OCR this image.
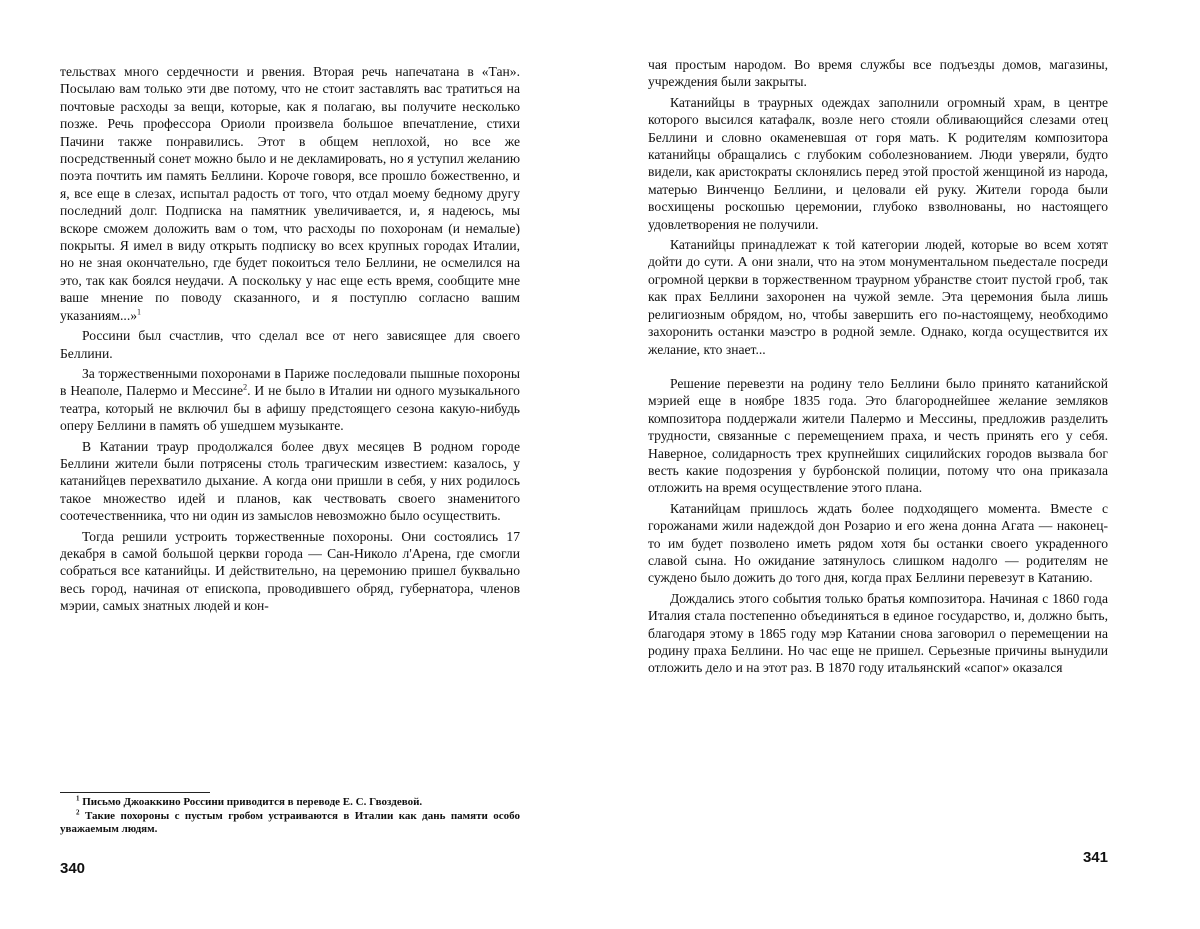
тельствах много сердечности и рвения. Вторая речь напечатана в «Тан». Посылаю вам только эти две потому, что не стоит заставлять вас тратиться на почтовые расходы за вещи, которые, как я полагаю, вы получите несколько позже. Речь профессора Ориоли произвела большое впечатление, стихи Пачини также понравились. Этот в общем неплохой, но все же посредственный сонет можно было и не декламировать, но я уступил желанию поэта почтить им память Беллини. Короче говоря, все прошло божественно, и я, все еще в слезах, испытал радость от того, что отдал моему бедному другу последний долг. Подписка на памятник увеличивается, и, я надеюсь, мы вскоре сможем доложить вам о том, что расходы по похоронам (и немалые) покрыты. Я имел в виду открыть подписку во всех крупных городах Италии, но не зная окончательно, где будет покоиться тело Беллини, не осмелился на это, так как боялся неудачи. А поскольку у нас еще есть время, сообщите мне ваше мнение по поводу сказанного, и я поступлю согласно вашим указаниям...»$^1$

Россини был счастлив, что сделал все от него зависящее для своего Беллини.

За торжественными похоронами в Париже последовали пышные похороны в Неаполе, Палермо и Мессине$^2$. И не было в Италии ни одного музыкального театра, который не включил бы в афишу предстоящего сезона какую-нибудь оперу Беллини в память об ушедшем музыканте.

В Катании траур продолжался более двух месяцев В родном городе Беллини жители были потрясены столь трагическим известием: казалось, у катанийцев перехватило дыхание. А когда они пришли в себя, у них родилось такое множество идей и планов, как чествовать своего знаменитого соотечественника, что ни один из замыслов невозможно было осуществить.

Тогда решили устроить торжественные похороны. Они состоялись 17 декабря в самой большой церкви города — Сан-Николо л'Арена, где смогли собраться все катанийцы. И действительно, на церемонию пришел буквально весь город, начиная от епископа, проводившего обряд, губернатора, членов мэрии, самых знатных людей и кон-

$^1$ Письмо Джоаккино Россини приводится в переводе Е. С. Гвоздевой.

$^2$ Такие похороны с пустым гробом устраиваются в Италии как дань памяти особо уважаемым людям.

340

чая простым народом. Во время службы все подъезды домов, магазины, учреждения были закрыты.

Катанийцы в траурных одеждах заполнили огромный храм, в центре которого высился катафалк, возле него стояли обливающийся слезами отец Беллини и словно окаменевшая от горя мать. К родителям композитора катанийцы обращались с глубоким соболезнованием. Люди уверяли, будто видели, как аристократы склонялись перед этой простой женщиной из народа, матерью Винченцо Беллини, и целовали ей руку. Жители города были восхищены роскошью церемонии, глубоко взволнованы, но настоящего удовлетворения не получили.

Катанийцы принадлежат к той категории людей, которые во всем хотят дойти до сути. А они знали, что на этом монументальном пьедестале посреди огромной церкви в торжественном траурном убранстве стоит пустой гроб, так как прах Беллини захоронен на чужой земле. Эта церемония была лишь религиозным обрядом, но, чтобы завершить его по-настоящему, необходимо захоронить останки маэстро в родной земле. Однако, когда осуществится их желание, кто знает...

Решение перевезти на родину тело Беллини было принято катанийской мэрией еще в ноябре 1835 года. Это благороднейшее желание земляков композитора поддержали жители Палермо и Мессины, предложив разделить трудности, связанные с перемещением праха, и честь принять его у себя. Наверное, солидарность трех крупнейших сицилийских городов вызвала бог весть какие подозрения у бурбонской полиции, потому что она приказала отложить на время осуществление этого плана.

Катанийцам пришлось ждать более подходящего момента. Вместе с горожанами жили надеждой дон Розарио и его жена донна Агата — наконец-то им будет позволено иметь рядом хотя бы останки своего украденного славой сына. Но ожидание затянулось слишком надолго — родителям не суждено было дожить до того дня, когда прах Беллини перевезут в Катанию.

Дождались этого события только братья композитора. Начиная с 1860 года Италия стала постепенно объединяться в единое государство, и, должно быть, благодаря этому в 1865 году мэр Катании снова заговорил о перемещении на родину праха Беллини. Но час еще не пришел. Серьезные причины вынудили отложить дело и на этот раз. В 1870 году итальянский «сапог» оказался

341
